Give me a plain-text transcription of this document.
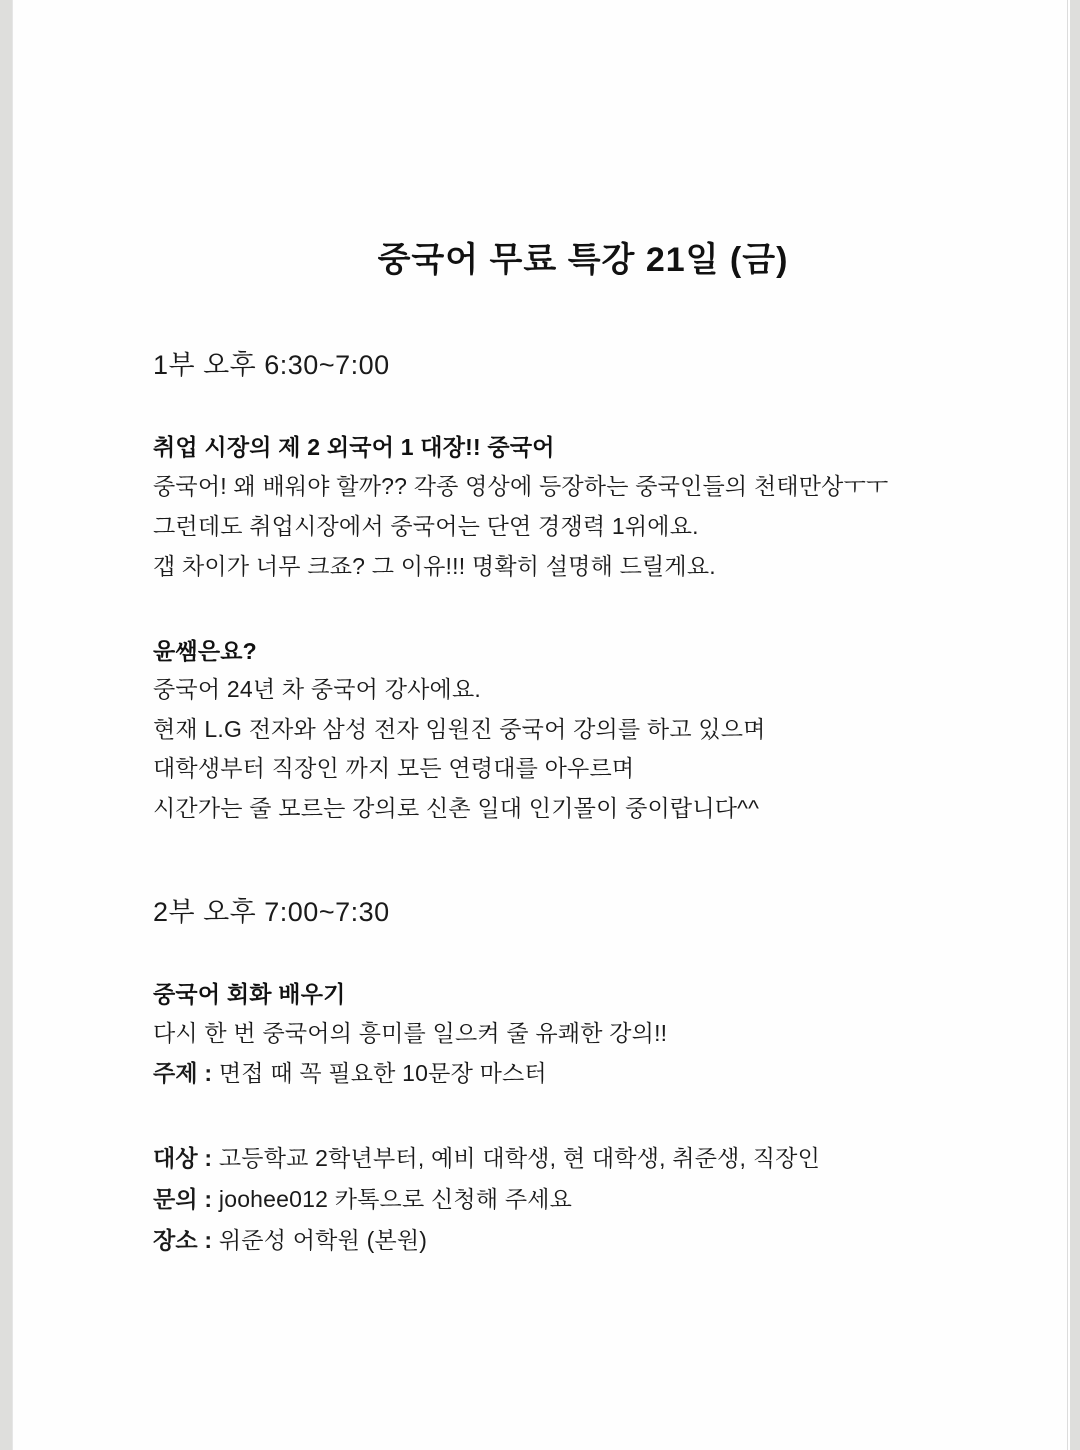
중국어 무료 특강 21일 (금)
1부 오후 6:30~7:00
취업 시장의 제 2 외국어 1 대장!! 중국어
중국어! 왜 배워야 할까?? 각종 영상에 등장하는 중국인들의 천태만상ㅜㅜ
그런데도 취업시장에서 중국어는 단연 경쟁력 1위에요.
갭 차이가 너무 크죠? 그 이유!!! 명확히 설명해 드릴게요.
윤쌤은요?
중국어 24년 차 중국어 강사에요.
현재 L.G 전자와 삼성 전자 임원진 중국어 강의를 하고 있으며
대학생부터 직장인 까지 모든 연령대를 아우르며
시간가는 줄 모르는 강의로 신촌 일대 인기몰이 중이랍니다^^
2부 오후 7:00~7:30
중국어 회화 배우기
다시 한 번 중국어의 흥미를 일으켜 줄 유쾌한 강의!!
주제 : 면접 때 꼭 필요한 10문장 마스터
대상 : 고등학교 2학년부터, 예비 대학생, 현 대학생, 취준생, 직장인
문의 : joohee012 카톡으로 신청해 주세요
장소 : 위준성 어학원 (본원)
